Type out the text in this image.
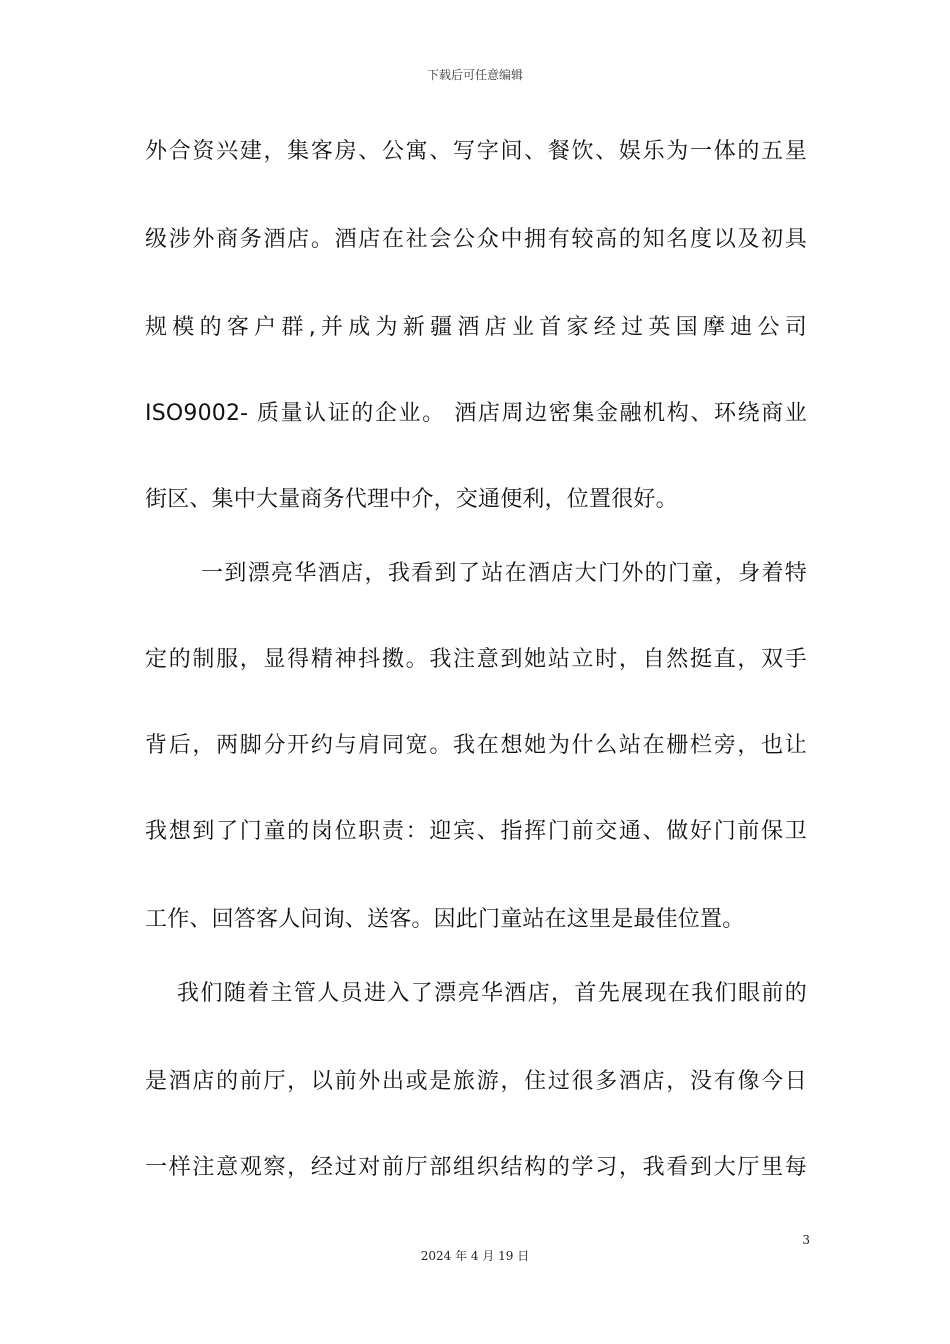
下载后可任意编辑
外合资兴建，集客房、公寓、写字间、餐饮、娱乐为一体的五星
级涉外商务酒店。酒店在社会公众中拥有较高的知名度以及初具
规模的客户群,并成为新疆酒店业首家经过英国摩迪公司
ISO9002- 质量认证的企业。 酒店周边密集金融机构、环绕商业
街区、集中大量商务代理中介，交通便利，位置很好。
一到漂亮华酒店，我看到了站在酒店大门外的门童，身着特
定的制服，显得精神抖擞。我注意到她站立时，自然挺直，双手
背后，两脚分开约与肩同宽。我在想她为什么站在栅栏旁，也让
我想到了门童的岗位职责：迎宾、指挥门前交通、做好门前保卫
工作、回答客人问询、送客。因此门童站在这里是最佳位置。
我们随着主管人员进入了漂亮华酒店，首先展现在我们眼前的
是酒店的前厅，以前外出或是旅游，住过很多酒店，没有像今日
一样注意观察，经过对前厅部组织结构的学习，我看到大厅里每
3
2024 年 4 月 19 日
